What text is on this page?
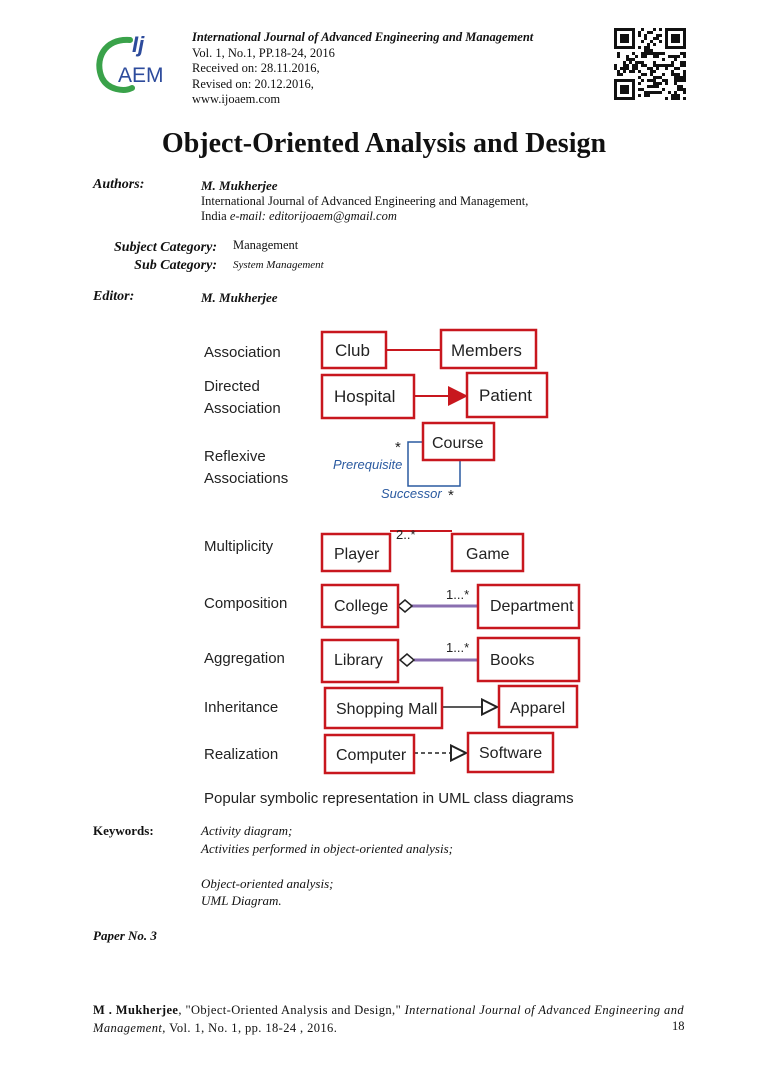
Ij
AEM
International Journal of Advanced Engineering and Management
Vol. 1, No.1, PP.18-24, 2016
Received on: 28.11.2016,
Revised on: 20.12.2016,
www.ijoaem.com
Object-Oriented Analysis and Design
Authors:	M. Mukherjee
International Journal of Advanced Engineering and Management,
India e-mail: editorijoaem@gmail.com
Subject Category: Management
Sub Category: System Management
Editor:	M. Mukherjee
Association
Directed
Association
Reflexive
Associations
Multiplicity
Composition
Aggregation
Inheritance
Realization
Club	Members
Hospital	Patient
Course
Prerequisite
Successor
*
*
Player	Game
2..*
College	Department
1...*
Library	Books
1...*
Shopping Mall	Apparel
Computer	Software
Popular symbolic representation in UML class diagrams
Keywords:	Activity diagram;
Activities performed in object-oriented analysis;
Object-oriented analysis;
UML Diagram.
Paper No. 3
M . Mukherjee, "Object-Oriented Analysis and Design," International Journal of Advanced Engineering and Management, Vol. 1, No. 1, pp. 18-24 , 2016.	18
